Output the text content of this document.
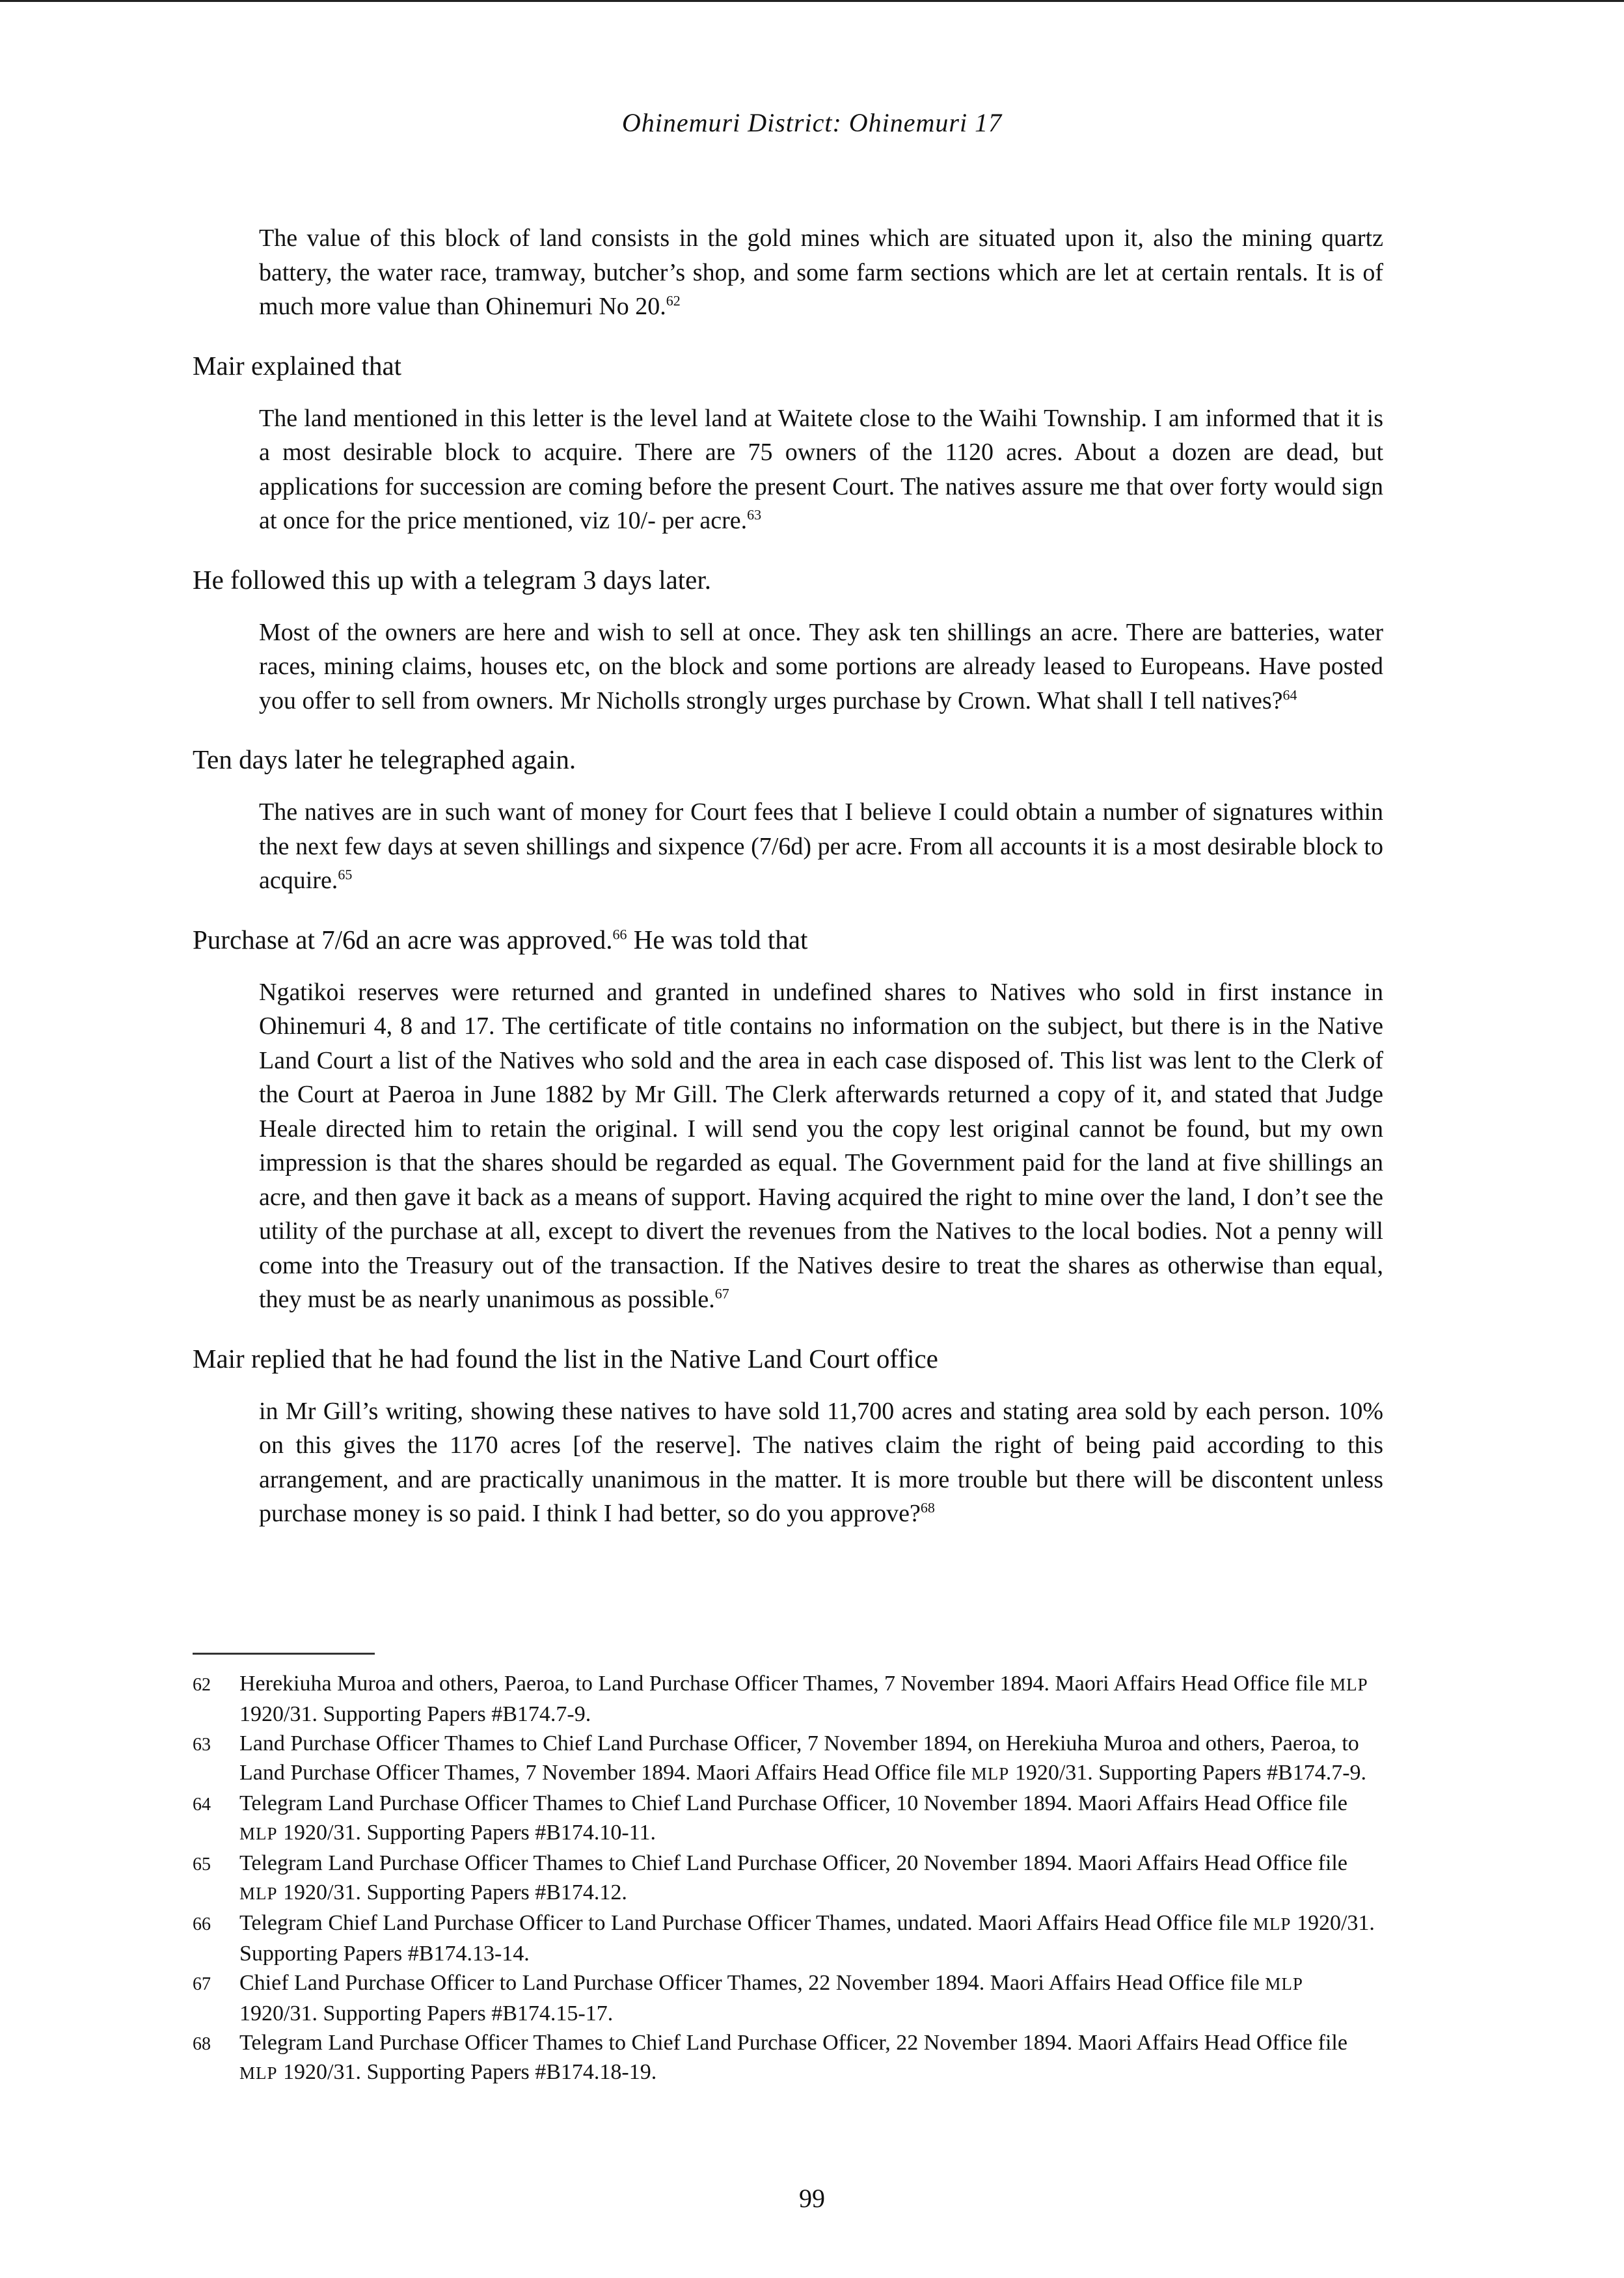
Ohinemuri District: Ohinemuri 17

The value of this block of land consists in the gold mines which are situated upon it, also the mining quartz battery, the water race, tramway, butcher’s shop, and some farm sections which are let at certain rentals. It is of much more value than Ohinemuri No 20.62

Mair explained that

The land mentioned in this letter is the level land at Waitete close to the Waihi Township. I am informed that it is a most desirable block to acquire. There are 75 owners of the 1120 acres. About a dozen are dead, but applications for succession are coming before the present Court. The natives assure me that over forty would sign at once for the price mentioned, viz 10/- per acre.$^{63}$

He followed this up with a telegram 3 days later.

Most of the owners are here and wish to sell at once. They ask ten shillings an acre. There are batteries, water races, mining claims, houses etc, on the block and some portions are already leased to Europeans. Have posted you offer to sell from owners. Mr Nicholls strongly urges purchase by Crown. What shall I tell natives?$^{64}$

Ten days later he telegraphed again.

The natives are in such want of money for Court fees that I believe I could obtain a number of signatures within the next few days at seven shillings and sixpence (7/6d) per acre. From all accounts it is a most desirable block to acquire.$^{65}$

Purchase at 7/6d an acre was approved.$^{66}$ He was told that

Ngatikoi reserves were returned and granted in undefined shares to Natives who sold in first instance in Ohinemuri 4, 8 and 17. The certificate of title contains no information on the subject, but there is in the Native Land Court a list of the Natives who sold and the area in each case disposed of. This list was lent to the Clerk of the Court at Paeroa in June 1882 by Mr Gill. The Clerk afterwards returned a copy of it, and stated that Judge Heale directed him to retain the original. I will send you the copy lest original cannot be found, but my own impression is that the shares should be regarded as equal. The Government paid for the land at five shillings an acre, and then gave it back as a means of support. Having acquired the right to mine over the land, I don’t see the utility of the purchase at all, except to divert the revenues from the Natives to the local bodies. Not a penny will come into the Treasury out of the transaction. If the Natives desire to treat the shares as otherwise than equal, they must be as nearly unanimous as possible.$^{67}$

Mair replied that he had found the list in the Native Land Court office

in Mr Gill’s writing, showing these natives to have sold 11,700 acres and stating area sold by each person. 10% on this gives the 1170 acres [of the reserve]. The natives claim the right of being paid according to this arrangement, and are practically unanimous in the matter. It is more trouble but there will be discontent unless purchase money is so paid. I think I had better, so do you approve?$^{68}$

62	Herekiuha Muroa and others, Paeroa, to Land Purchase Officer Thames, 7 November 1894. Maori Affairs Head Office file MLP 1920/31. Supporting Papers #B174.7-9.
63	Land Purchase Officer Thames to Chief Land Purchase Officer, 7 November 1894, on Herekiuha Muroa and others, Paeroa, to Land Purchase Officer Thames, 7 November 1894. Maori Affairs Head Office file MLP 1920/31. Supporting Papers #B174.7-9.
64	Telegram Land Purchase Officer Thames to Chief Land Purchase Officer, 10 November 1894. Maori Affairs Head Office file MLP 1920/31. Supporting Papers #B174.10-11.
65	Telegram Land Purchase Officer Thames to Chief Land Purchase Officer, 20 November 1894. Maori Affairs Head Office file MLP 1920/31. Supporting Papers #B174.12.
66	Telegram Chief Land Purchase Officer to Land Purchase Officer Thames, undated. Maori Affairs Head Office file MLP 1920/31. Supporting Papers #B174.13-14.
67	Chief Land Purchase Officer to Land Purchase Officer Thames, 22 November 1894. Maori Affairs Head Office file MLP 1920/31. Supporting Papers #B174.15-17.
68	Telegram Land Purchase Officer Thames to Chief Land Purchase Officer, 22 November 1894. Maori Affairs Head Office file MLP 1920/31. Supporting Papers #B174.18-19.
99
